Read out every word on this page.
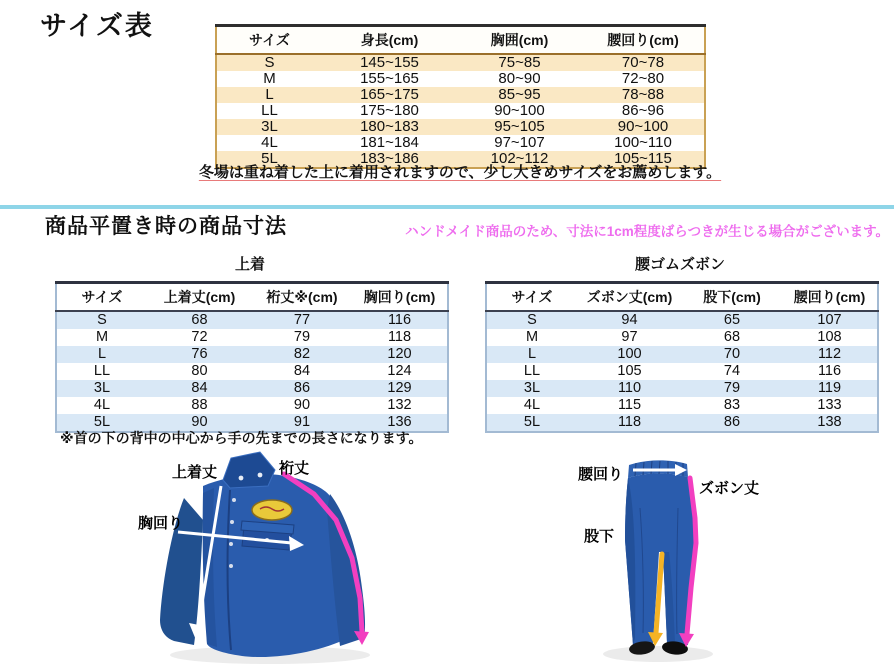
サイズ表	サイズ	身長(cm)	胸囲(cm)	腰回り(cm)
S	145~155	75~85	70~78
M	155~165	80~90	72~80
L	165~175	85~95	78~88
LL	175~180	90~100	86~96
3L	180~183	95~105	90~100
4L	181~184	97~107	100~110
5L	183~186	102~112	105~115
冬場は重ね着した上に着用されますので、少し大きめサイズをお薦めします。
商品平置き時の商品寸法	ハンドメイド商品のため、寸法に1cm程度ばらつきが生じる場合がございます。
上着
サイズ	上着丈(cm)	裄丈※(cm)	胸回り(cm)
S	68	77	116
M	72	79	118
L	76	82	120
LL	80	84	124
3L	84	86	129
4L	88	90	132
5L	90	91	136
腰ゴムズボン
サイズ	ズボン丈(cm)	股下(cm)	腰回り(cm)
S	94	65	107
M	97	68	108
L	100	70	112
LL	105	74	116
3L	110	79	119
4L	115	83	133
5L	118	86	138
※首の下の背中の中心から手の先までの長さになります。
上着丈	裄丈
胸回り
腰回り
ズボン丈
股下
